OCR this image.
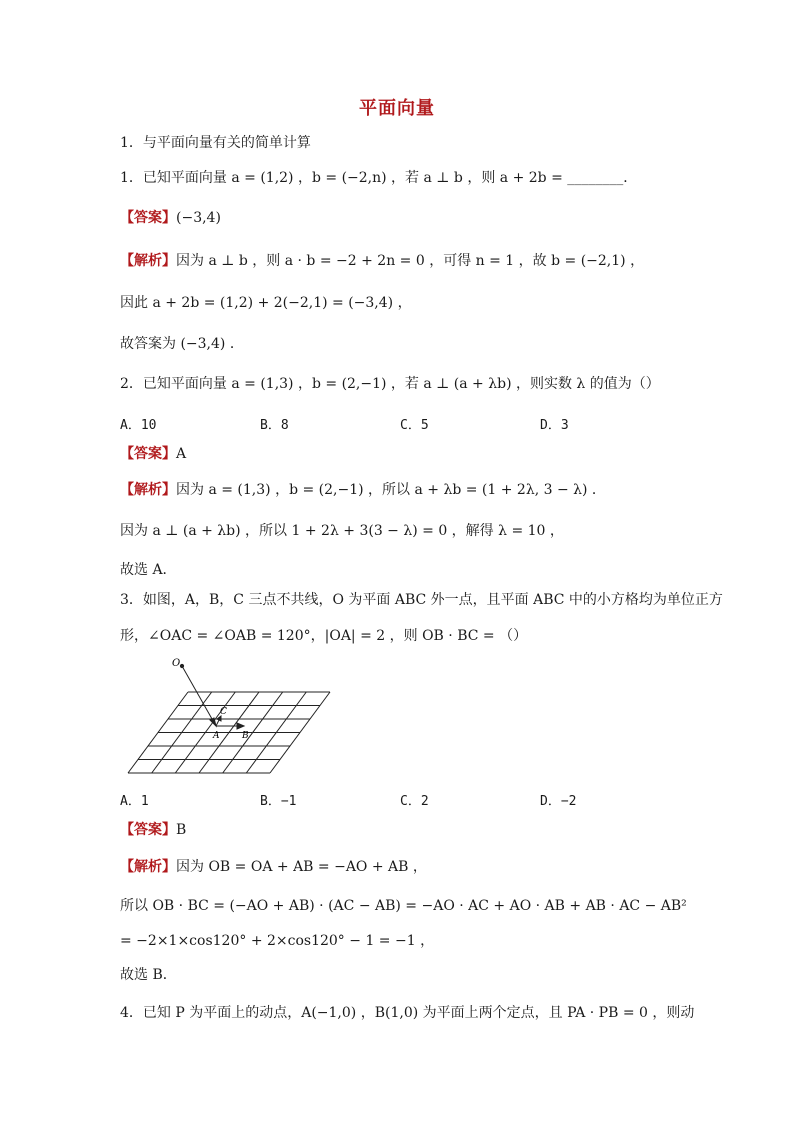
平面向量
1．与平面向量有关的简单计算
1．已知平面向量 a = (1,2) ，b = (−2,n) ，若 a ⊥ b ，则 a + 2b = ________．
【答案】(−3,4)
【解析】因为 a ⊥ b ，则 a · b = −2 + 2n = 0 ，可得 n = 1 ，故 b = (−2,1) ，
因此 a + 2b = (1,2) + 2(−2,1) = (−3,4) ，
故答案为 (−3,4) ．
2．已知平面向量 a = (1,3) ，b = (2,−1) ，若 a ⊥ (a + λb) ，则实数 λ 的值为（）
A．10	B．8	C．5	D．3
【答案】A
【解析】因为 a = (1,3) ，b = (2,−1) ，所以 a + λb = (1 + 2λ, 3 − λ) ．
因为 a ⊥ (a + λb) ，所以 1 + 2λ + 3(3 − λ) = 0 ，解得 λ = 10 ，
故选 A．
3．如图，A，B，C 三点不共线，O 为平面 ABC 外一点，且平面 ABC 中的小方格均为单位正方
形，∠OAC = ∠OAB = 120°，|OA| = 2 ，则 OB · BC = （）
O
A	B
C
A．1	B．−1	C．2	D．−2
【答案】B
【解析】因为 OB = OA + AB = −AO + AB ，
所以 OB · BC = (−AO + AB) · (AC − AB) = −AO · AC + AO · AB + AB · AC − AB²
= −2×1×cos120° + 2×cos120° − 1 = −1 ，
故选 B．
4．已知 P 为平面上的动点，A(−1,0) ，B(1,0) 为平面上两个定点，且 PA · PB = 0 ，则动
